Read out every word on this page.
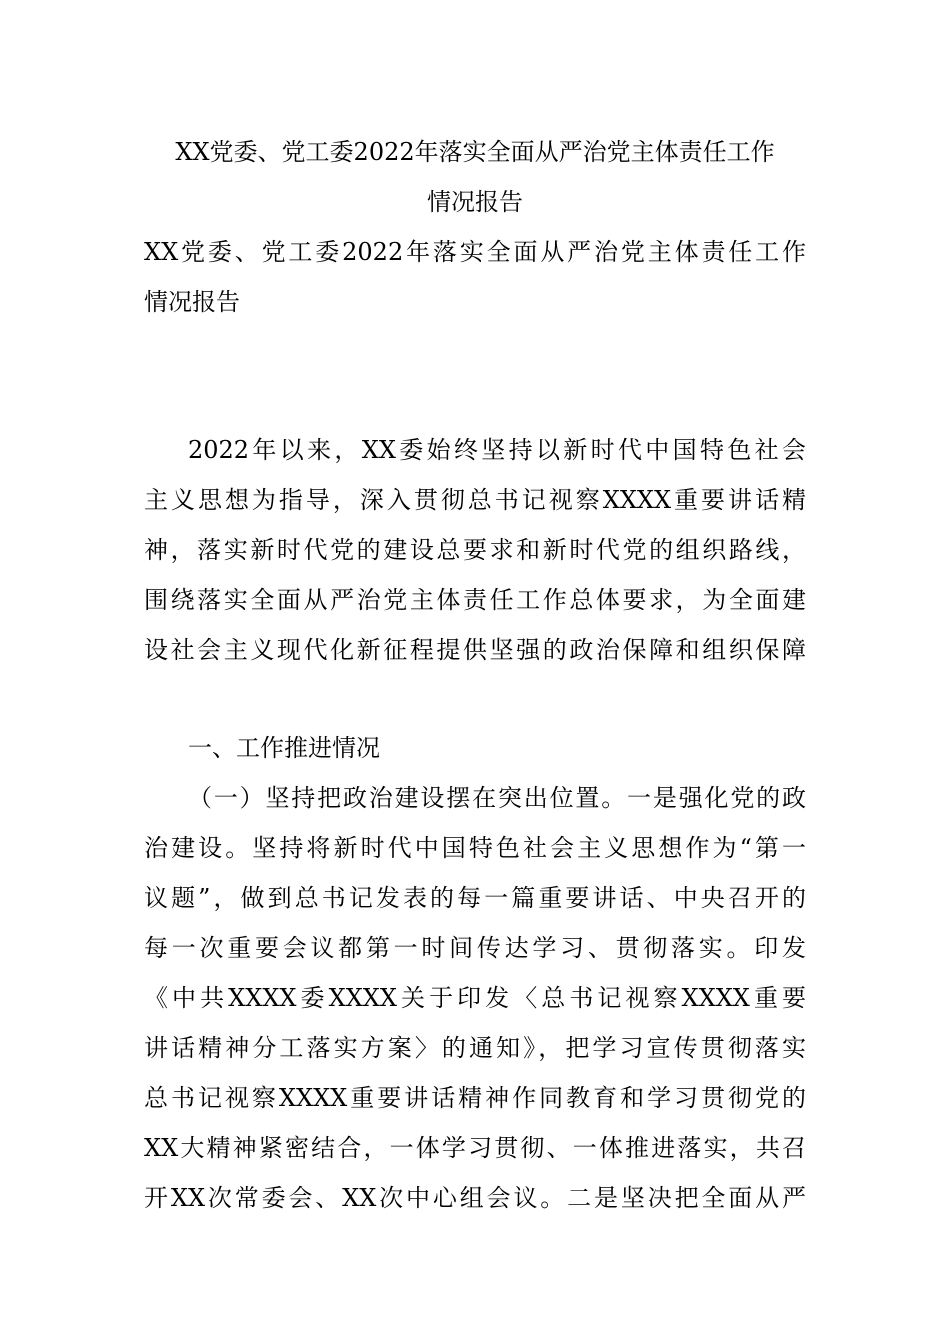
XX党委、党工委2022年落实全面从严治党主体责任工作
情况报告
XX党委、党工委2022年落实全面从严治党主体责任工作
情况报告
2022年以来，XX委始终坚持以新时代中国特色社会
主义思想为指导，深入贯彻总书记视察XXXX重要讲话精
神，落实新时代党的建设总要求和新时代党的组织路线，
围绕落实全面从严治党主体责任工作总体要求，为全面建
设社会主义现代化新征程提供坚强的政治保障和组织保障
一、工作推进情况
（一）坚持把政治建设摆在突出位置。一是强化党的政
治建设。坚持将新时代中国特色社会主义思想作为“第一
议题”，做到总书记发表的每一篇重要讲话、中央召开的
每一次重要会议都第一时间传达学习、贯彻落实。印发
《中共XXXX委XXXX关于印发〈总书记视察XXXX重要
讲话精神分工落实方案〉的通知》，把学习宣传贯彻落实
总书记视察XXXX重要讲话精神作同教育和学习贯彻党的
XX大精神紧密结合，一体学习贯彻、一体推进落实，共召
开XX次常委会、XX次中心组会议。二是坚决把全面从严
